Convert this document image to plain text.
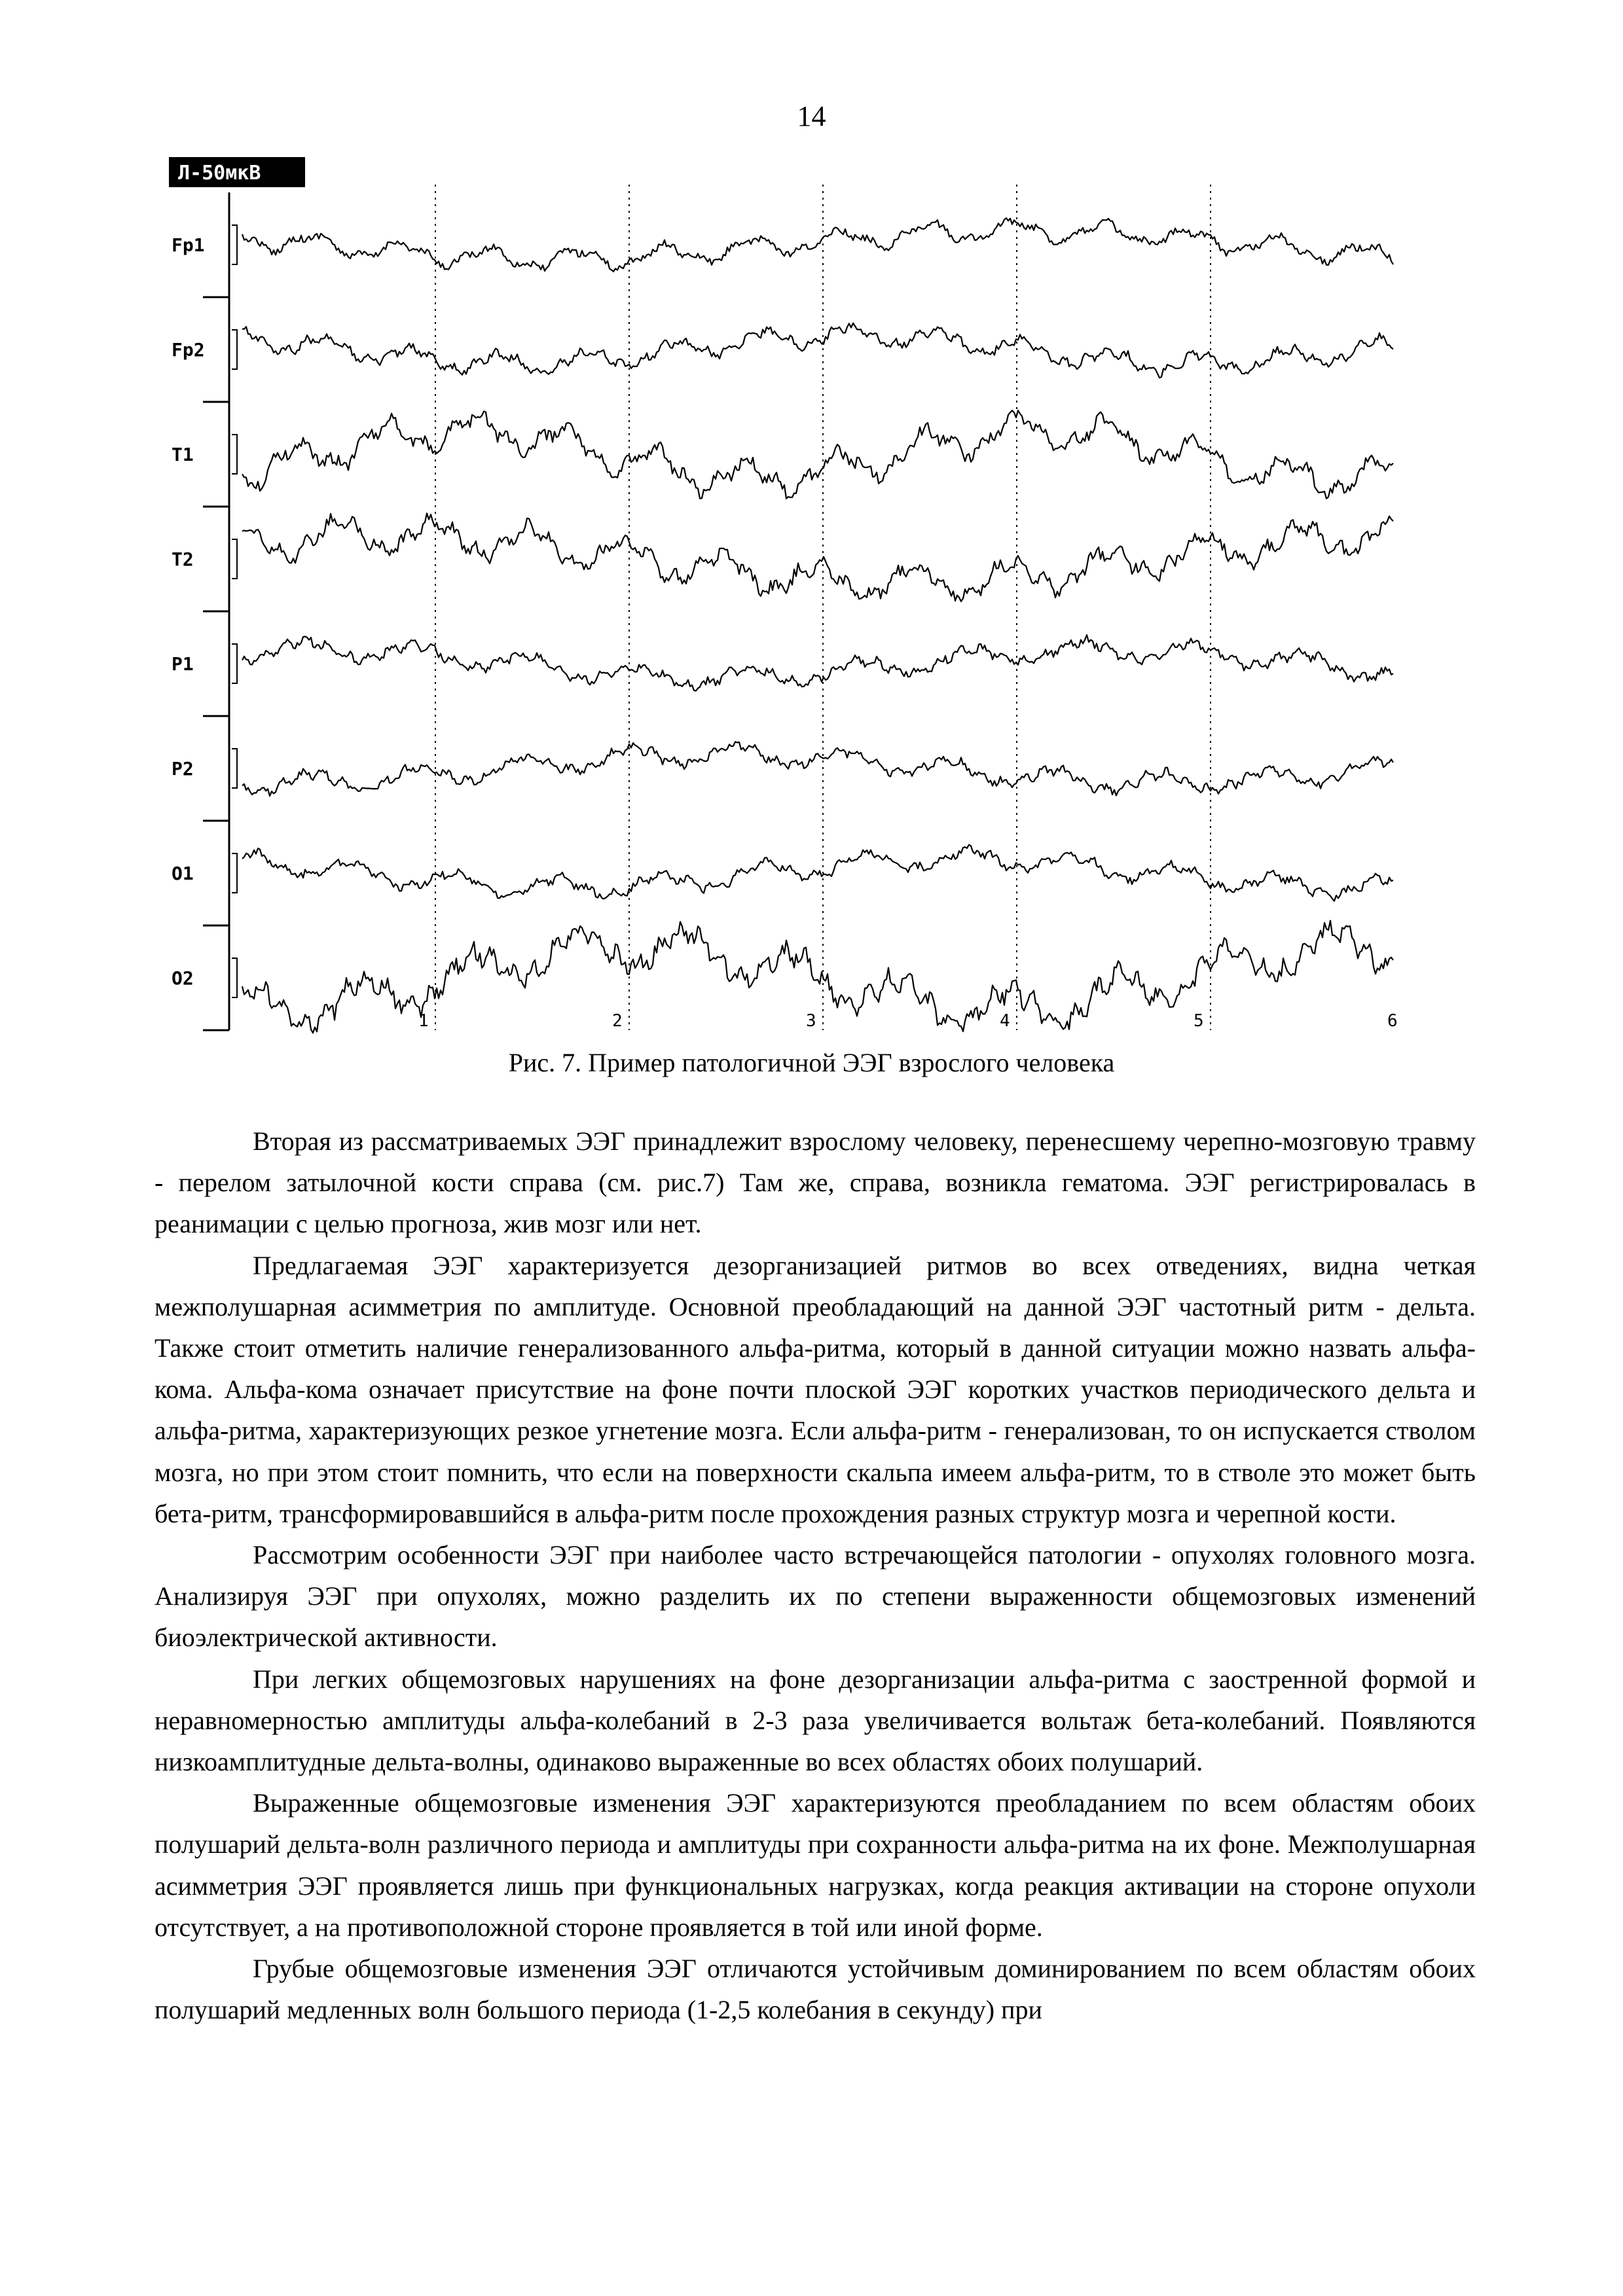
14
Л-50мкВ
1	2	3	4	5	6
Fp1
Fp2
T1
T2
P1
P2
O1
O2
Рис. 7. Пример патологичной ЭЭГ взрослого человека

Вторая из рассматриваемых ЭЭГ принадлежит взрослому человеку, перенесшему черепно-мозговую травму - перелом затылочной кости справа (см. рис.7) Там же, справа, возникла гематома. ЭЭГ регистрировалась в реанимации с целью прогноза, жив мозг или нет.

Предлагаемая ЭЭГ характеризуется дезорганизацией ритмов во всех отведениях, видна четкая межполушарная асимметрия по амплитуде. Основной преобладающий на данной ЭЭГ частотный ритм - дельта. Также стоит отметить наличие генерализованного альфа-ритма, который в данной ситуации можно назвать альфа-кома. Альфа-кома означает присутствие на фоне почти плоской ЭЭГ коротких участков периодического дельта и альфа-ритма, характеризующих резкое угнетение мозга. Если альфа-ритм - генерализован, то он испускается стволом мозга, но при этом стоит помнить, что если на поверхности скальпа имеем альфа-ритм, то в стволе это может быть бета-ритм, трансформировавшийся в альфа-ритм после прохождения разных структур мозга и черепной кости.

Рассмотрим особенности ЭЭГ при наиболее часто встречающейся патологии - опухолях головного мозга. Анализируя ЭЭГ при опухолях, можно разделить их по степени выраженности общемозговых изменений биоэлектрической активности.

При легких общемозговых нарушениях на фоне дезорганизации альфа-ритма с заостренной формой и неравномерностью амплитуды альфа-колебаний в 2-3 раза увеличивается вольтаж бета-колебаний. Появляются низкоамплитудные дельта-волны, одинаково выраженные во всех областях обоих полушарий.

Выраженные общемозговые изменения ЭЭГ характеризуются преобладанием по всем областям обоих полушарий дельта-волн различного периода и амплитуды при сохранности альфа-ритма на их фоне. Межполушарная асимметрия ЭЭГ проявляется лишь при функциональных нагрузках, когда реакция активации на стороне опухоли отсутствует, а на противоположной стороне проявляется в той или иной форме.

Грубые общемозговые изменения ЭЭГ отличаются устойчивым доминированием по всем областям обоих полушарий медленных волн большого периода (1-2,5 колебания в секунду) при
